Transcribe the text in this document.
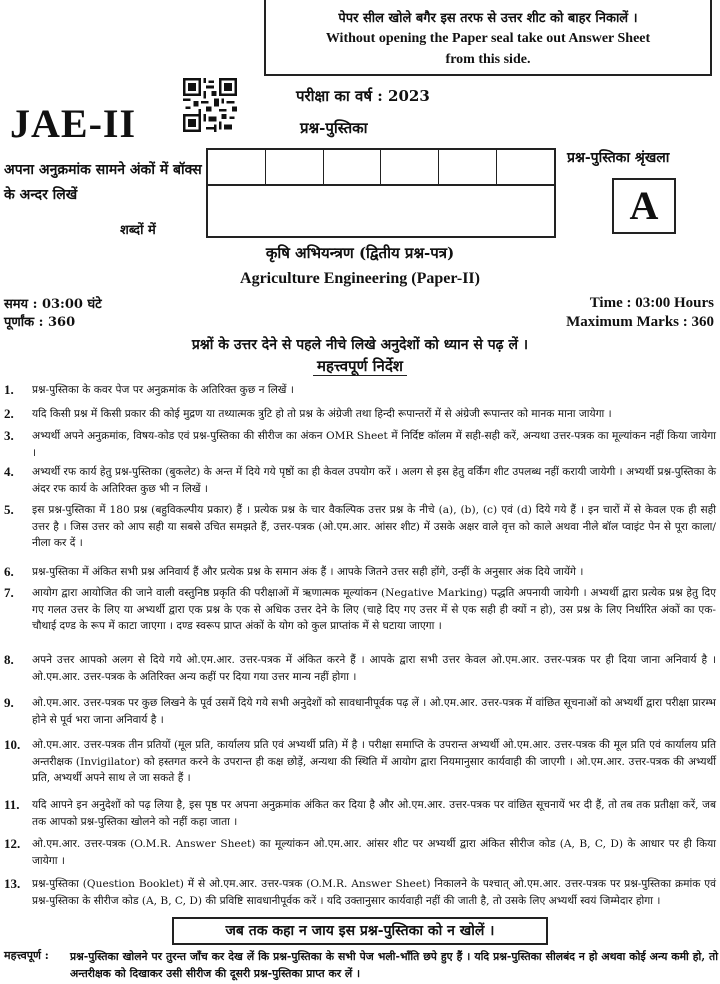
पेपर सील खोले बगैर इस तरफ से उत्तर शीट को बाहर निकालें ।
Without opening the Paper seal take out Answer Sheet
from this side.
परीक्षा का वर्ष : 2023
प्रश्न-पुस्तिका
JAE-II
अपना अनुक्रमांक सामने अंकों में बॉक्स के अन्दर लिखें
शब्दों में
प्रश्न-पुस्तिका श्रृंखला
A
कृषि अभियन्त्रण (द्वितीय प्रश्न-पत्र)
Agriculture Engineering (Paper-II)
समय : 03:00 घंटे
पूर्णांक : 360
Time : 03:00 Hours
Maximum Marks : 360
प्रश्नों के उत्तर देने से पहले नीचे लिखे अनुदेशों को ध्यान से पढ़ लें ।
महत्त्वपूर्ण निर्देश
1. प्रश्न-पुस्तिका के कवर पेज पर अनुक्रमांक के अतिरिक्त कुछ न लिखें ।
2. यदि किसी प्रश्न में किसी प्रकार की कोई मुद्रण या तथ्यात्मक त्रुटि हो तो प्रश्न के अंग्रेजी तथा हिन्दी रूपान्तरों में से अंग्रेजी रूपान्तर को मानक माना जायेगा ।
3. अभ्यर्थी अपने अनुक्रमांक, विषय-कोड एवं प्रश्न-पुस्तिका की सीरीज का अंकन OMR Sheet में निर्दिष्ट कॉलम में सही-सही करें, अन्यथा उत्तर-पत्रक का मूल्यांकन नहीं किया जायेगा ।
4. अभ्यर्थी रफ कार्य हेतु प्रश्न-पुस्तिका (बुकलेट) के अन्त में दिये गये पृष्ठों का ही केवल उपयोग करें । अलग से इस हेतु वर्किंग शीट उपलब्ध नहीं करायी जायेगी । अभ्यर्थी प्रश्न-पुस्तिका के अंदर रफ कार्य के अतिरिक्त कुछ भी न लिखें ।
5. इस प्रश्न-पुस्तिका में 180 प्रश्न (बहुविकल्पीय प्रकार) हैं । प्रत्येक प्रश्न के चार वैकल्पिक उत्तर प्रश्न के नीचे (a), (b), (c) एवं (d) दिये गये हैं । इन चारों में से केवल एक ही सही उत्तर है । जिस उत्तर को आप सही या सबसे उचित समझते हैं, उत्तर-पत्रक (ओ.एम.आर. आंसर शीट) में उसके अक्षर वाले वृत्त को काले अथवा नीले बॉल प्वाइंट पेन से पूरा काला/नीला कर दें ।
6. प्रश्न-पुस्तिका में अंकित सभी प्रश्न अनिवार्य हैं और प्रत्येक प्रश्न के समान अंक हैं । आपके जितने उत्तर सही होंगे, उन्हीं के अनुसार अंक दिये जायेंगे ।
7. आयोग द्वारा आयोजित की जाने वाली वस्तुनिष्ठ प्रकृति की परीक्षाओं में ऋणात्मक मूल्यांकन (Negative Marking) पद्धति अपनायी जायेगी । अभ्यर्थी द्वारा प्रत्येक प्रश्न हेतु दिए गए गलत उत्तर के लिए या अभ्यर्थी द्वारा एक प्रश्न के एक से अधिक उत्तर देने के लिए (चाहे दिए गए उत्तर में से एक सही ही क्यों न हो), उस प्रश्न के लिए निर्धारित अंकों का एक-चौथाई दण्ड के रूप में काटा जाएगा । दण्ड स्वरूप प्राप्त अंकों के योग को कुल प्राप्तांक में से घटाया जाएगा ।
8. अपने उत्तर आपको अलग से दिये गये ओ.एम.आर. उत्तर-पत्रक में अंकित करने हैं । आपके द्वारा सभी उत्तर केवल ओ.एम.आर. उत्तर-पत्रक पर ही दिया जाना अनिवार्य है । ओ.एम.आर. उत्तर-पत्रक के अतिरिक्त अन्य कहीं पर दिया गया उत्तर मान्य नहीं होगा ।
9. ओ.एम.आर. उत्तर-पत्रक पर कुछ लिखने के पूर्व उसमें दिये गये सभी अनुदेशों को सावधानीपूर्वक पढ़ लें । ओ.एम.आर. उत्तर-पत्रक में वांछित सूचनाओं को अभ्यर्थी द्वारा परीक्षा प्रारम्भ होने से पूर्व भरा जाना अनिवार्य है ।
10. ओ.एम.आर. उत्तर-पत्रक तीन प्रतियों (मूल प्रति, कार्यालय प्रति एवं अभ्यर्थी प्रति) में है । परीक्षा समाप्ति के उपरान्त अभ्यर्थी ओ.एम.आर. उत्तर-पत्रक की मूल प्रति एवं कार्यालय प्रति अन्तरीक्षक (Invigilator) को हस्तगत करने के उपरान्त ही कक्ष छोड़ें, अन्यथा की स्थिति में आयोग द्वारा नियमानुसार कार्यवाही की जाएगी । ओ.एम.आर. उत्तर-पत्रक की अभ्यर्थी प्रति, अभ्यर्थी अपने साथ ले जा सकते हैं ।
11. यदि आपने इन अनुदेशों को पढ़ लिया है, इस पृष्ठ पर अपना अनुक्रमांक अंकित कर दिया है और ओ.एम.आर. उत्तर-पत्रक पर वांछित सूचनायें भर दी हैं, तो तब तक प्रतीक्षा करें, जब तक आपको प्रश्न-पुस्तिका खोलने को नहीं कहा जाता ।
12. ओ.एम.आर. उत्तर-पत्रक (O.M.R. Answer Sheet) का मूल्यांकन ओ.एम.आर. आंसर शीट पर अभ्यर्थी द्वारा अंकित सीरीज कोड (A, B, C, D) के आधार पर ही किया जायेगा ।
13. प्रश्न-पुस्तिका (Question Booklet) में से ओ.एम.आर. उत्तर-पत्रक (O.M.R. Answer Sheet) निकालने के पश्चात् ओ.एम.आर. उत्तर-पत्रक पर प्रश्न-पुस्तिका क्रमांक एवं प्रश्न-पुस्तिका के सीरीज कोड (A, B, C, D) की प्रविष्टि सावधानीपूर्वक करें । यदि उक्तानुसार कार्यवाही नहीं की जाती है, तो उसके लिए अभ्यर्थी स्वयं जिम्मेदार होगा ।
जब तक कहा न जाय इस प्रश्न-पुस्तिका को न खोलें ।
महत्त्वपूर्ण : प्रश्न-पुस्तिका खोलने पर तुरन्त जाँच कर देख लें कि प्रश्न-पुस्तिका के सभी पेज भली-भाँति छपे हुए हैं । यदि प्रश्न-पुस्तिका सीलबंद न हो अथवा कोई अन्य कमी हो, तो अन्तरीक्षक को दिखाकर उसी सीरीज की दूसरी प्रश्न-पुस्तिका प्राप्त कर लें ।
